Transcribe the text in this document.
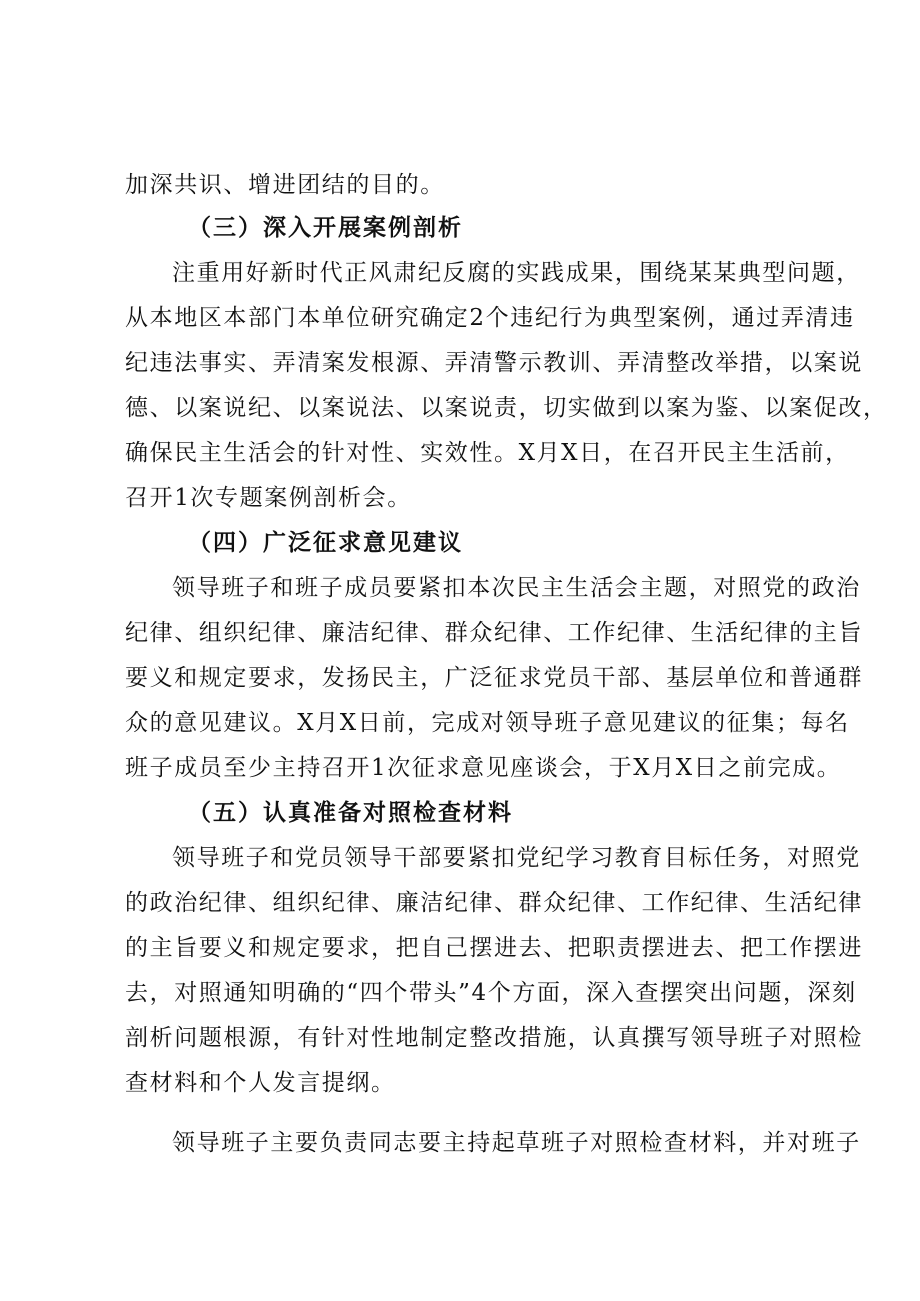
加深共识、增进团结的目的。
（三）深入开展案例剖析
注重用好新时代正风肃纪反腐的实践成果，围绕某某典型问题，
从本地区本部门本单位研究确定2个违纪行为典型案例，通过弄清违
纪违法事实、弄清案发根源、弄清警示教训、弄清整改举措，以案说
德、以案说纪、以案说法、以案说责，切实做到以案为鉴、以案促改，
确保民主生活会的针对性、实效性。X月X日，在召开民主生活前，
召开1次专题案例剖析会。
（四）广泛征求意见建议
领导班子和班子成员要紧扣本次民主生活会主题，对照党的政治
纪律、组织纪律、廉洁纪律、群众纪律、工作纪律、生活纪律的主旨
要义和规定要求，发扬民主，广泛征求党员干部、基层单位和普通群
众的意见建议。X月X日前，完成对领导班子意见建议的征集；每名
班子成员至少主持召开1次征求意见座谈会，于X月X日之前完成。
（五）认真准备对照检查材料
领导班子和党员领导干部要紧扣党纪学习教育目标任务，对照党
的政治纪律、组织纪律、廉洁纪律、群众纪律、工作纪律、生活纪律
的主旨要义和规定要求，把自己摆进去、把职责摆进去、把工作摆进
去，对照通知明确的“四个带头”4个方面，深入查摆突出问题，深刻
剖析问题根源，有针对性地制定整改措施，认真撰写领导班子对照检
查材料和个人发言提纲。
领导班子主要负责同志要主持起草班子对照检查材料，并对班子
